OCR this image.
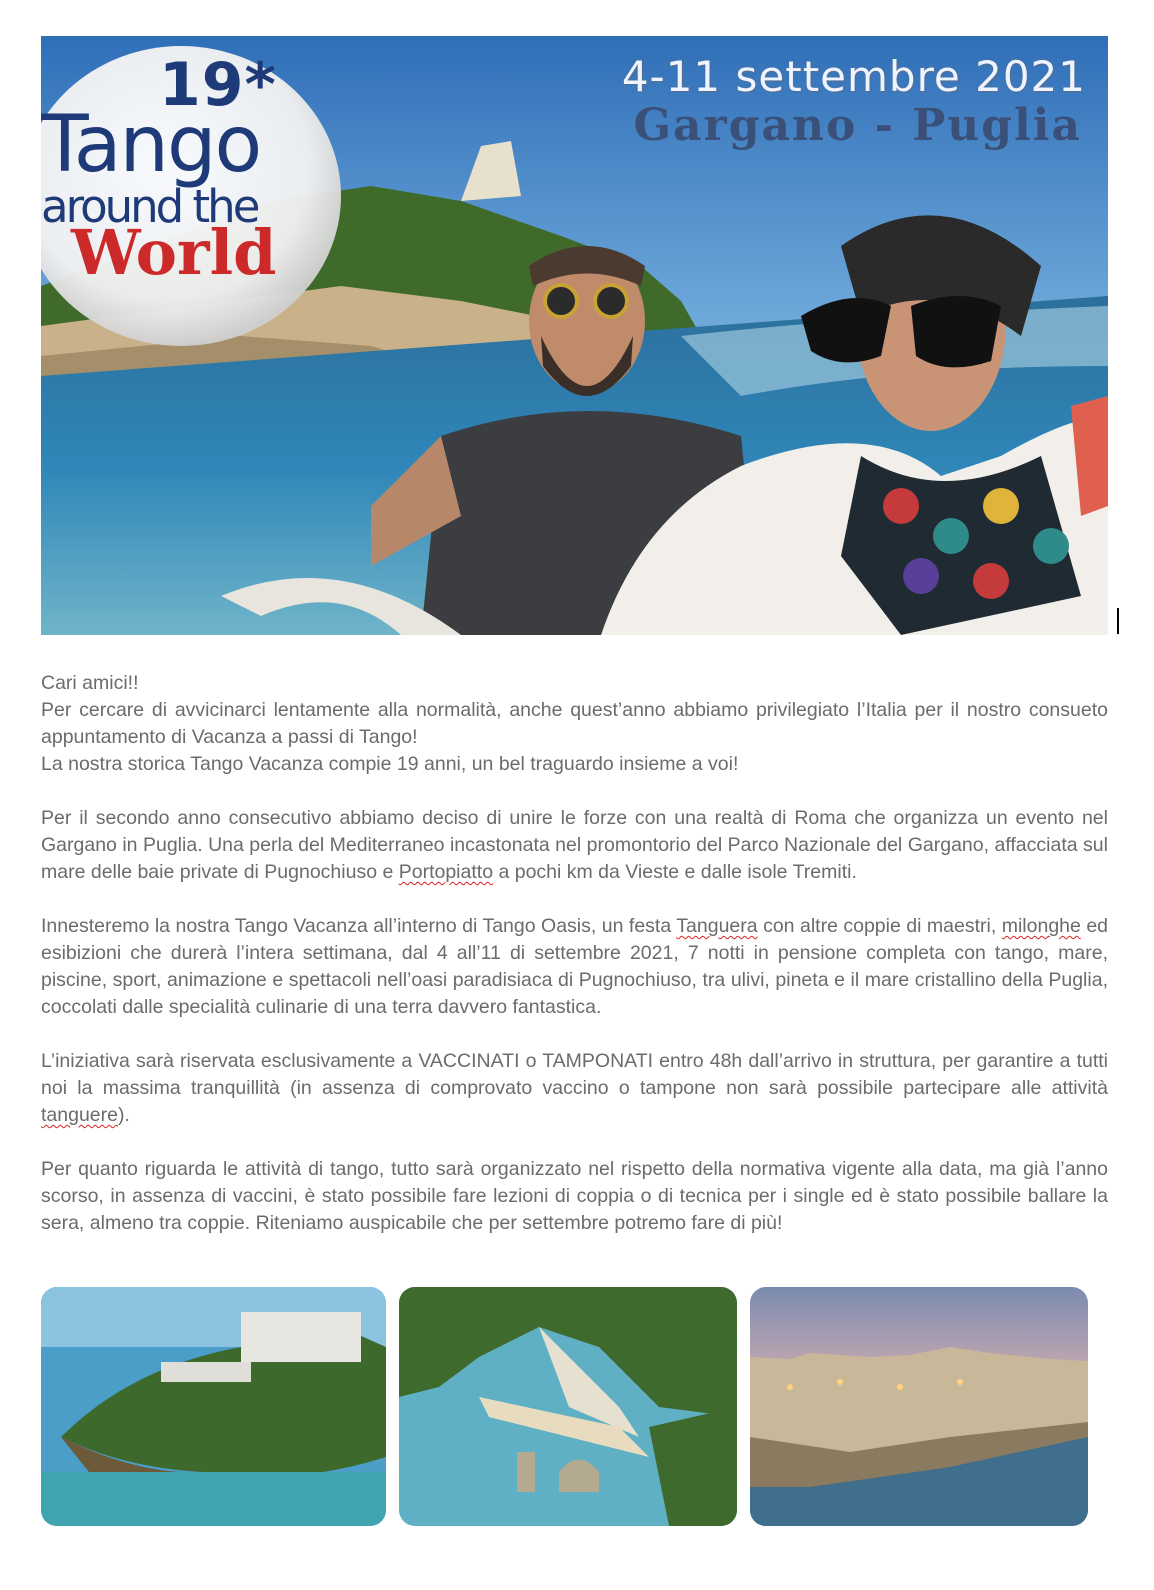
19*
Tango
around the
World
4-11 settembre 2021
Gargano - Puglia

Cari amici!!
Per cercare di avvicinarci lentamente alla normalità, anche quest’anno abbiamo privilegiato l’Italia per il nostro consueto appuntamento di Vacanza a passi di Tango!
La nostra storica Tango Vacanza compie 19 anni, un bel traguardo insieme a voi!

Per il secondo anno consecutivo abbiamo deciso di unire le forze con una realtà di Roma che organizza un evento nel Gargano in Puglia. Una perla del Mediterraneo incastonata nel promontorio del Parco Nazionale del Gargano, affacciata sul mare delle baie private di Pugnochiuso e Portopiatto a pochi km da Vieste e dalle isole Tremiti.

Innesteremo la nostra Tango Vacanza all’interno di Tango Oasis, un festa Tanguera con altre coppie di maestri, milonghe ed esibizioni che durerà l’intera settimana, dal 4 all’11 di settembre 2021, 7 notti in pensione completa con tango, mare, piscine, sport, animazione e spettacoli nell’oasi paradisiaca di Pugnochiuso, tra ulivi, pineta e il mare cristallino della Puglia, coccolati dalle specialità culinarie di una terra davvero fantastica.

L’iniziativa sarà riservata esclusivamente a VACCINATI o TAMPONATI entro 48h dall’arrivo in struttura, per garantire a tutti noi la massima tranquillità (in assenza di comprovato vaccino o tampone non sarà possibile partecipare alle attività tanguere).

Per quanto riguarda le attività di tango, tutto sarà organizzato nel rispetto della normativa vigente alla data, ma già l’anno scorso, in assenza di vaccini, è stato possibile fare lezioni di coppia o di tecnica per i single ed è stato possibile ballare la sera, almeno tra coppie. Riteniamo auspicabile che per settembre potremo fare di più!
